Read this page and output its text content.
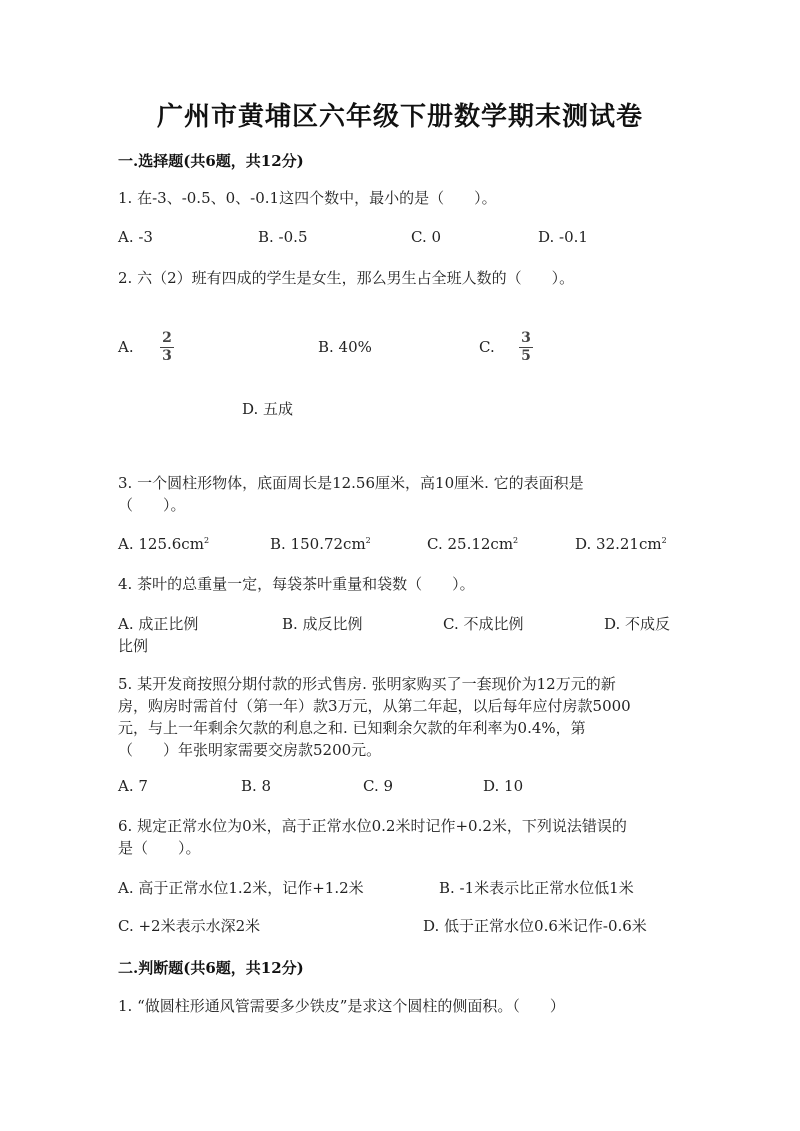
广州市黄埔区六年级下册数学期末测试卷
一.选择题(共6题，共12分)
1. 在-3、-0.5、0、-0.1这四个数中，最小的是（　　）。
A. -3	B. -0.5	C. 0	D. -0.1
2. 六（2）班有四成的学生是女生，那么男生占全班人数的（　　）。
A. 2
3	B. 40%	C. 3
5
D. 五成
3. 一个圆柱形物体，底面周长是12.56厘米，高10厘米. 它的表面积是
（　　）。
A. $125.6cm^2$	B. $150.72cm^2$	C. $25.12cm^2$	D. $32.21cm^2$
4. 茶叶的总重量一定，每袋茶叶重量和袋数（　　）。
A. 成正比例	B. 成反比例	C. 不成比例	D. 不成反
比例
5. 某开发商按照分期付款的形式售房. 张明家购买了一套现价为12万元的新
房，购房时需首付（第一年）款3万元，从第二年起，以后每年应付房款5000
元，与上一年剩余欠款的利息之和. 已知剩余欠款的年利率为0.4%，第
（　　）年张明家需要交房款5200元。
A. 7	B. 8	C. 9	D. 10
6. 规定正常水位为0米，高于正常水位0.2米时记作+0.2米，下列说法错误的
是（　　）。
A. 高于正常水位1.2米，记作+1.2米	B. -1米表示比正常水位低1米
C. +2米表示水深2米	D. 低于正常水位0.6米记作-0.6米
二.判断题(共6题，共12分)
1. “做圆柱形通风管需要多少铁皮”是求这个圆柱的侧面积。（　　）
